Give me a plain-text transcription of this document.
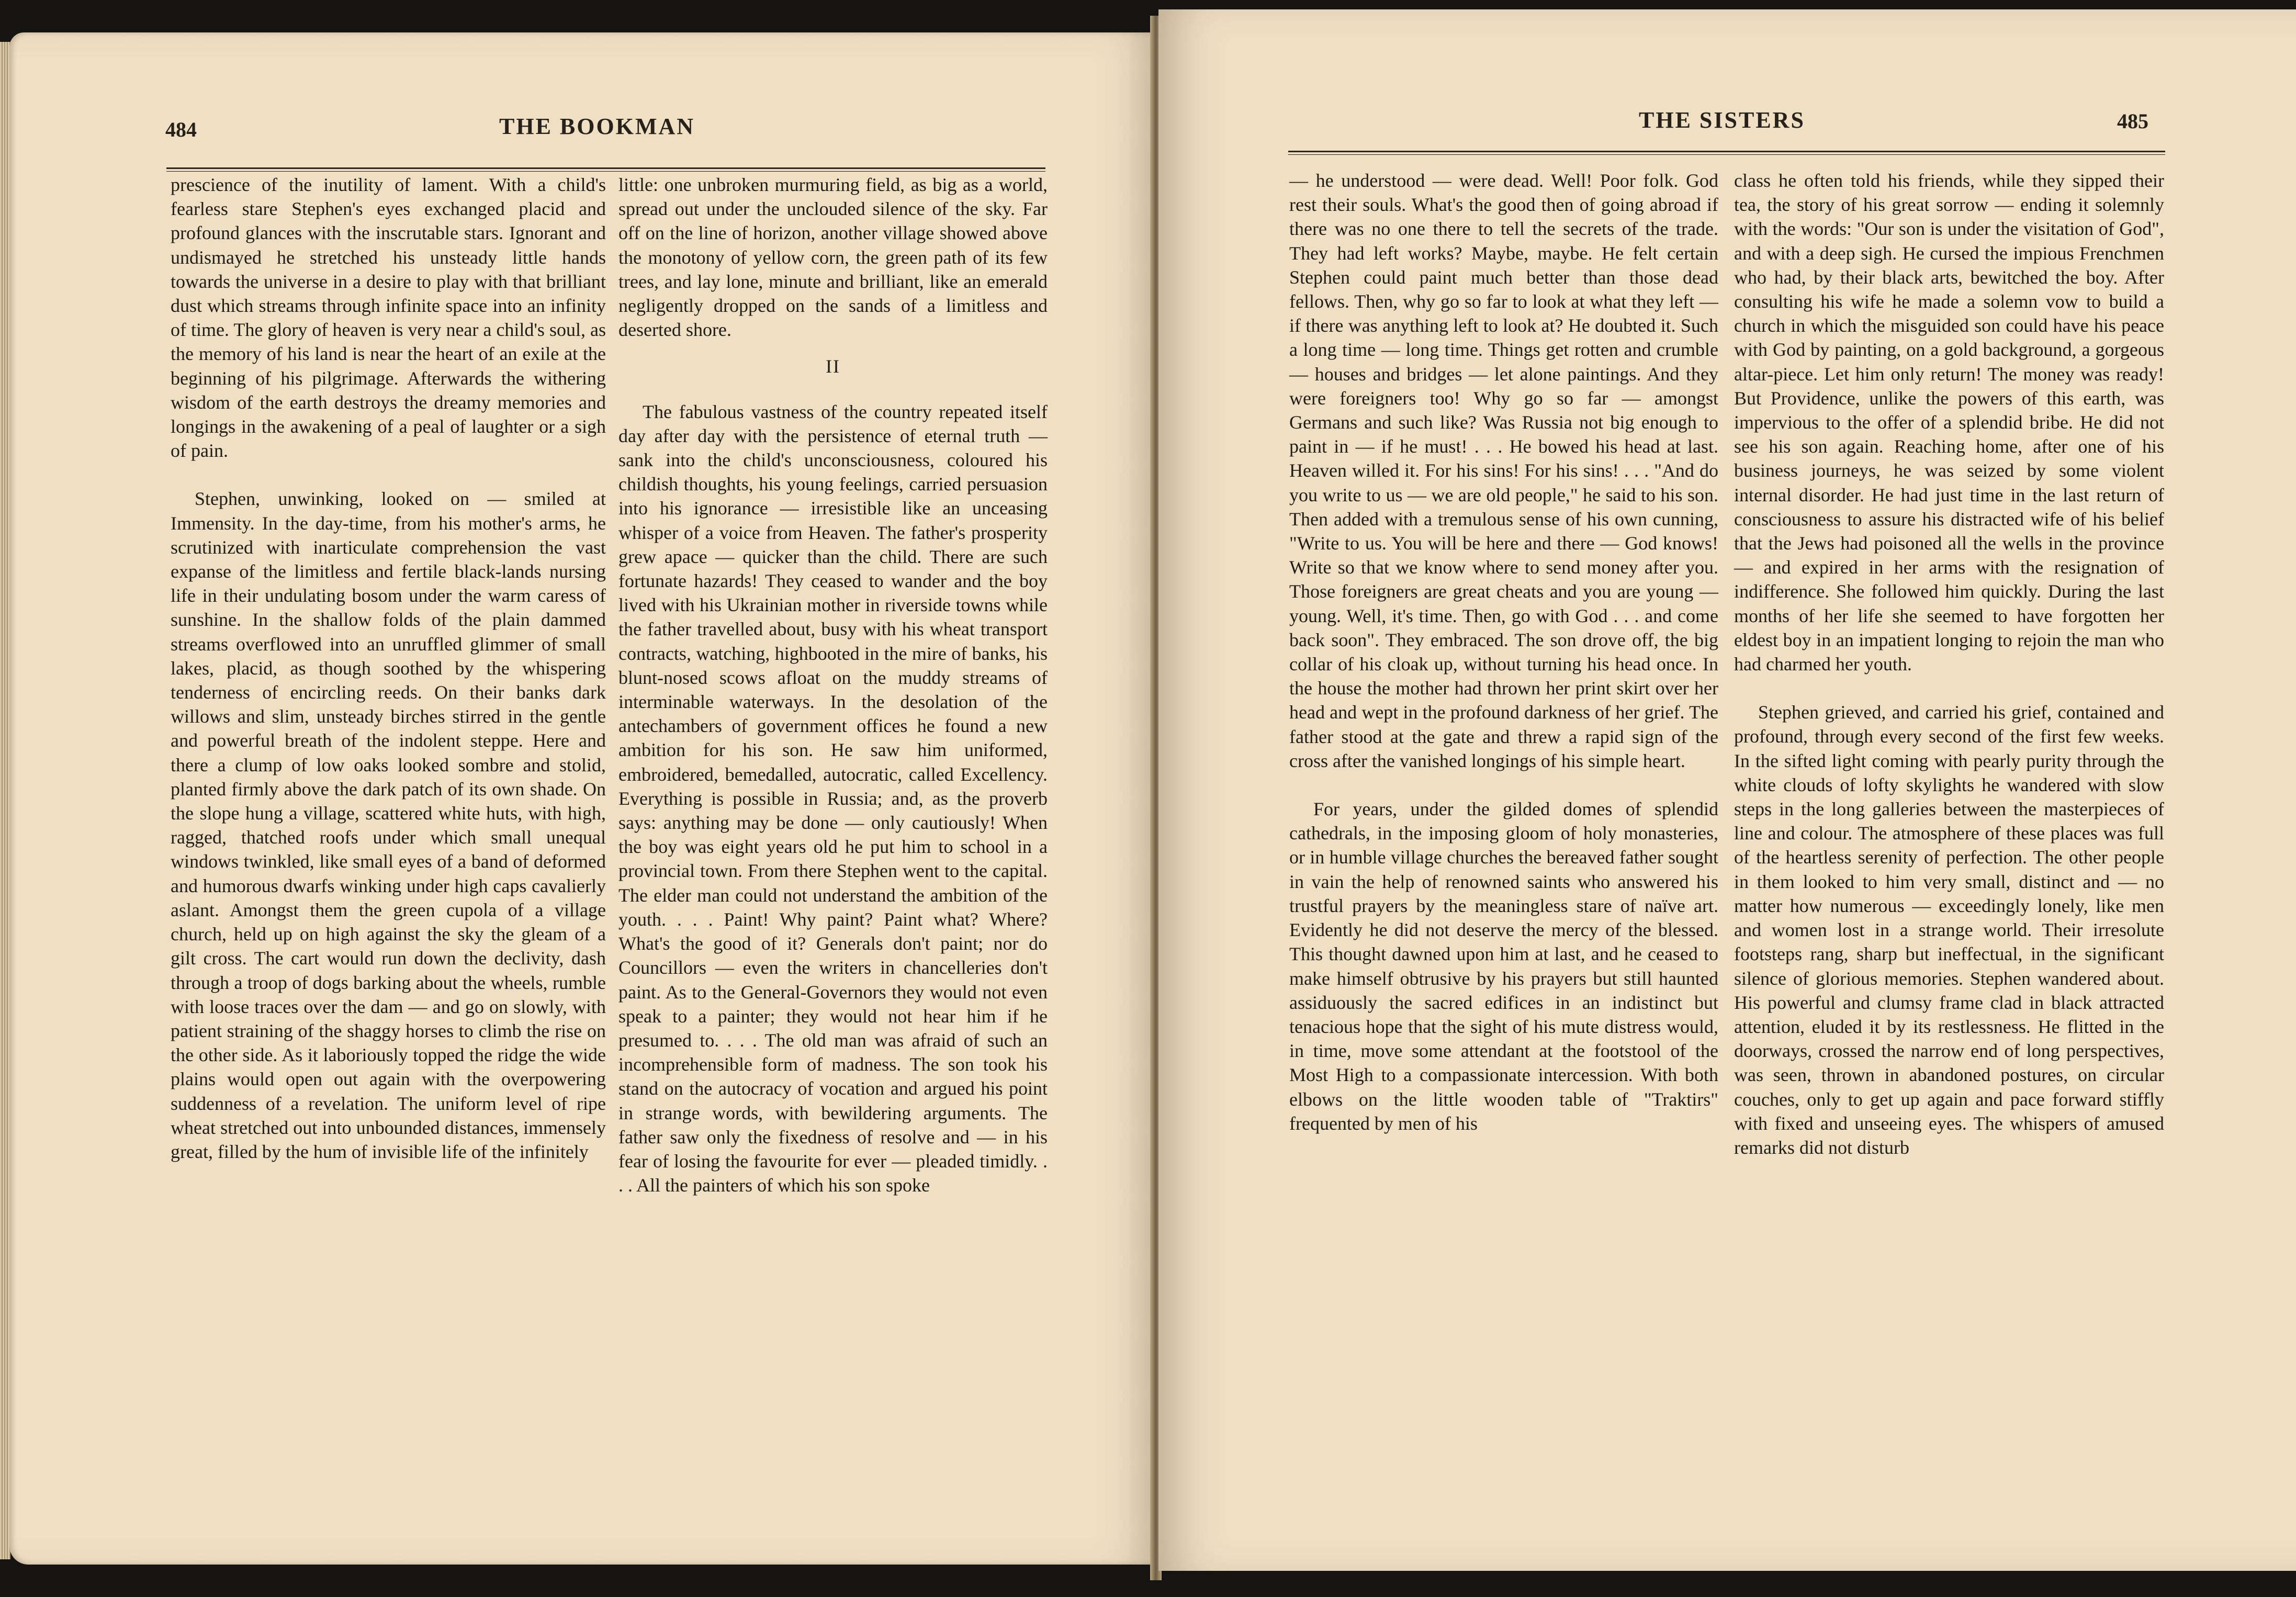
484	THE BOOKMAN

prescience of the inutility of lament. With a child's fearless stare Stephen's eyes exchanged placid and profound glances with the inscrutable stars. Ignorant and undismayed he stretched his unsteady little hands towards the universe in a desire to play with that brilliant dust which streams through infinite space into an infinity of time. The glory of heaven is very near a child's soul, as the memory of his land is near the heart of an exile at the beginning of his pilgrimage. Afterwards the withering wisdom of the earth destroys the dreamy memories and longings in the awakening of a peal of laughter or a sigh of pain.

Stephen, unwinking, looked on — smiled at Immensity. In the day-time, from his mother's arms, he scrutinized with inarticulate comprehension the vast expanse of the limitless and fertile black-lands nursing life in their undulating bosom under the warm caress of sunshine. In the shallow folds of the plain dammed streams overflowed into an unruffled glimmer of small lakes, placid, as though soothed by the whispering tenderness of encircling reeds. On their banks dark willows and slim, unsteady birches stirred in the gentle and powerful breath of the indolent steppe. Here and there a clump of low oaks looked sombre and stolid, planted firmly above the dark patch of its own shade. On the slope hung a village, scattered white huts, with high, ragged, thatched roofs under which small unequal windows twinkled, like small eyes of a band of deformed and humorous dwarfs winking under high caps cavalierly aslant. Amongst them the green cupola of a village church, held up on high against the sky the gleam of a gilt cross. The cart would run down the declivity, dash through a troop of dogs barking about the wheels, rumble with loose traces over the dam — and go on slowly, with patient straining of the shaggy horses to climb the rise on the other side. As it laboriously topped the ridge the wide plains would open out again with the overpowering suddenness of a revelation. The uniform level of ripe wheat stretched out into unbounded distances, immensely great, filled by the hum of invisible life of the infinitely

little: one unbroken murmuring field, as big as a world, spread out under the unclouded silence of the sky. Far off on the line of horizon, another village showed above the monotony of yellow corn, the green path of its few trees, and lay lone, minute and brilliant, like an emerald negligently dropped on the sands of a limitless and deserted shore.

II

The fabulous vastness of the country repeated itself day after day with the persistence of eternal truth — sank into the child's unconsciousness, coloured his childish thoughts, his young feelings, carried persuasion into his ignorance — irresistible like an unceasing whisper of a voice from Heaven. The father's prosperity grew apace — quicker than the child. There are such fortunate hazards! They ceased to wander and the boy lived with his Ukrainian mother in riverside towns while the father travelled about, busy with his wheat transport contracts, watching, highbooted in the mire of banks, his blunt-nosed scows afloat on the muddy streams of interminable waterways. In the desolation of the antechambers of government offices he found a new ambition for his son. He saw him uniformed, embroidered, bemedalled, autocratic, called Excellency. Everything is possible in Russia; and, as the proverb says: anything may be done — only cautiously! When the boy was eight years old he put him to school in a provincial town. From there Stephen went to the capital. The elder man could not understand the ambition of the youth. . . . Paint! Why paint? Paint what? Where? What's the good of it? Generals don't paint; nor do Councillors — even the writers in chancelleries don't paint. As to the General-Governors they would not even speak to a painter; they would not hear him if he presumed to. . . . The old man was afraid of such an incomprehensible form of madness. The son took his stand on the autocracy of vocation and argued his point in strange words, with bewildering arguments. The father saw only the fixedness of resolve and — in his fear of losing the favourite for ever — pleaded timidly. . . . All the painters of which his son spoke

THE SISTERS	485

— he understood — were dead. Well! Poor folk. God rest their souls. What's the good then of going abroad if there was no one there to tell the secrets of the trade. They had left works? Maybe, maybe. He felt certain Stephen could paint much better than those dead fellows. Then, why go so far to look at what they left — if there was anything left to look at? He doubted it. Such a long time — long time. Things get rotten and crumble — houses and bridges — let alone paintings. And they were foreigners too! Why go so far — amongst Germans and such like? Was Russia not big enough to paint in — if he must! . . . He bowed his head at last. Heaven willed it. For his sins! For his sins! . . . "And do you write to us — we are old people," he said to his son. Then added with a tremulous sense of his own cunning, "Write to us. You will be here and there — God knows! Write so that we know where to send money after you. Those foreigners are great cheats and you are young — young. Well, it's time. Then, go with God . . . and come back soon". They embraced. The son drove off, the big collar of his cloak up, without turning his head once. In the house the mother had thrown her print skirt over her head and wept in the profound darkness of her grief. The father stood at the gate and threw a rapid sign of the cross after the vanished longings of his simple heart.

For years, under the gilded domes of splendid cathedrals, in the imposing gloom of holy monasteries, or in humble village churches the bereaved father sought in vain the help of renowned saints who answered his trustful prayers by the meaningless stare of naïve art. Evidently he did not deserve the mercy of the blessed. This thought dawned upon him at last, and he ceased to make himself obtrusive by his prayers but still haunted assiduously the sacred edifices in an indistinct but tenacious hope that the sight of his mute distress would, in time, move some attendant at the footstool of the Most High to a compassionate intercession. With both elbows on the little wooden table of "Traktirs" frequented by men of his

class he often told his friends, while they sipped their tea, the story of his great sorrow — ending it solemnly with the words: "Our son is under the visitation of God", and with a deep sigh. He cursed the impious Frenchmen who had, by their black arts, bewitched the boy. After consulting his wife he made a solemn vow to build a church in which the misguided son could have his peace with God by painting, on a gold background, a gorgeous altar-piece. Let him only return! The money was ready! But Providence, unlike the powers of this earth, was impervious to the offer of a splendid bribe. He did not see his son again. Reaching home, after one of his business journeys, he was seized by some violent internal disorder. He had just time in the last return of consciousness to assure his distracted wife of his belief that the Jews had poisoned all the wells in the province — and expired in her arms with the resignation of indifference. She followed him quickly. During the last months of her life she seemed to have forgotten her eldest boy in an impatient longing to rejoin the man who had charmed her youth.

Stephen grieved, and carried his grief, contained and profound, through every second of the first few weeks. In the sifted light coming with pearly purity through the white clouds of lofty skylights he wandered with slow steps in the long galleries between the masterpieces of line and colour. The atmosphere of these places was full of the heartless serenity of perfection. The other people in them looked to him very small, distinct and — no matter how numerous — exceedingly lonely, like men and women lost in a strange world. Their irresolute footsteps rang, sharp but ineffectual, in the significant silence of glorious memories. Stephen wandered about. His powerful and clumsy frame clad in black attracted attention, eluded it by its restlessness. He flitted in the doorways, crossed the narrow end of long perspectives, was seen, thrown in abandoned postures, on circular couches, only to get up again and pace forward stiffly with fixed and unseeing eyes. The whispers of amused remarks did not disturb
